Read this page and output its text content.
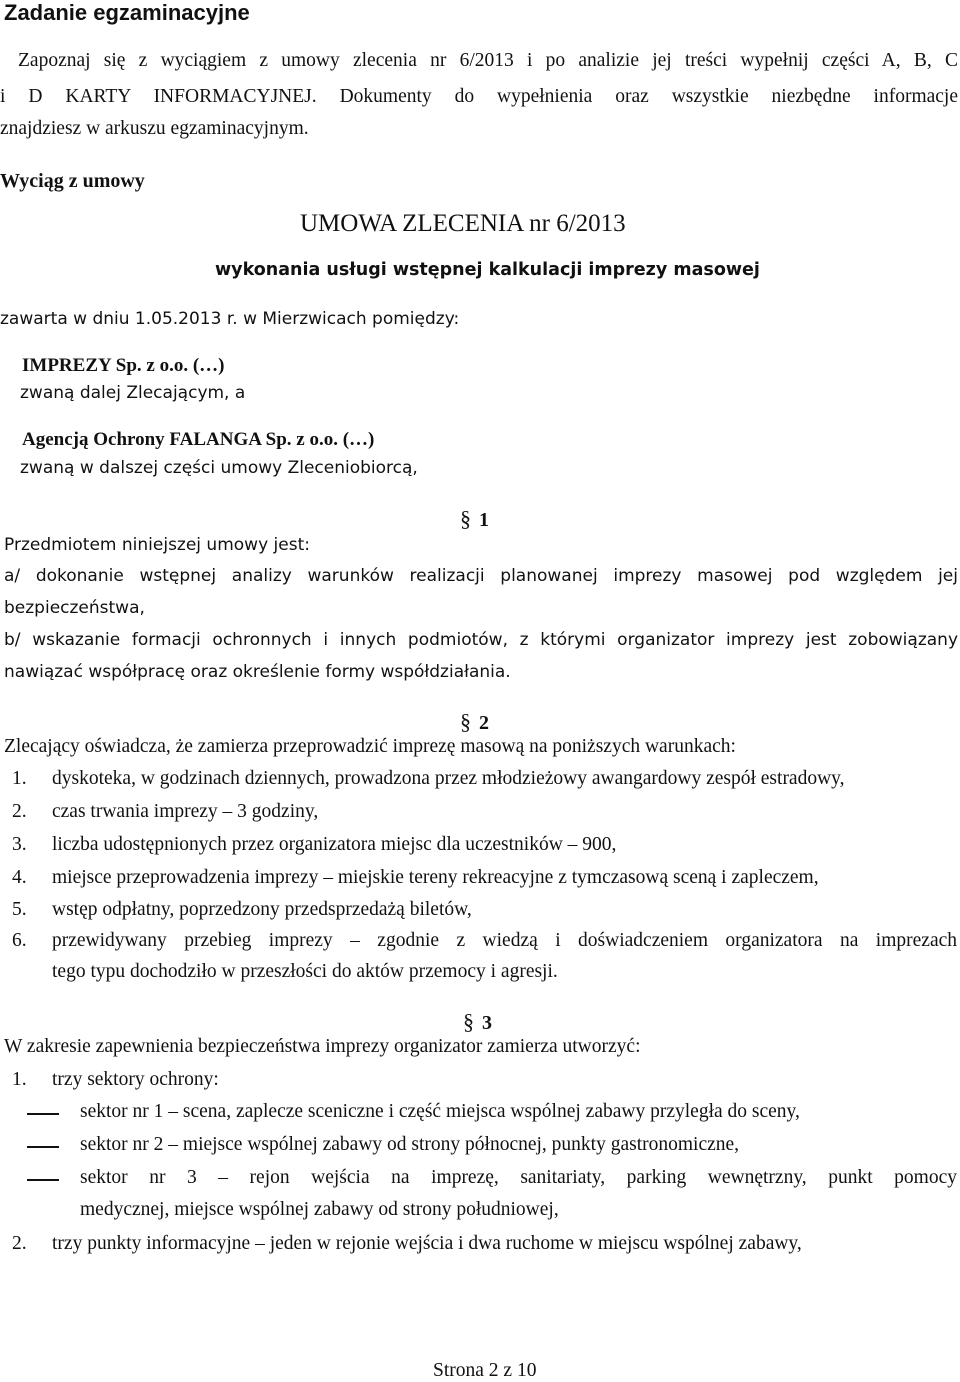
Zadanie egzaminacyjne
Zapoznaj się z wyciągiem z umowy zlecenia nr 6/2013 i po analizie jej treści wypełnij części A, B, C
i D KARTY INFORMACYJNEJ. Dokumenty do wypełnienia oraz wszystkie niezbędne informacje
znajdziesz w arkuszu egzaminacyjnym.
Wyciąg z umowy
UMOWA ZLECENIA nr 6/2013
wykonania usługi wstępnej kalkulacji imprezy masowej
zawarta w dniu 1.05.2013 r. w Mierzwicach pomiędzy:
IMPREZY Sp. z o.o. (…)
zwaną dalej Zlecającym, a
Agencją Ochrony FALANGA Sp. z o.o. (…)
zwaną w dalszej części umowy Zleceniobiorcą,
§ 1
Przedmiotem niniejszej umowy jest:
a/ dokonanie wstępnej analizy warunków realizacji planowanej imprezy masowej pod względem jej
bezpieczeństwa,
b/ wskazanie formacji ochronnych i innych podmiotów, z którymi organizator imprezy jest zobowiązany
nawiązać współpracę oraz określenie formy współdziałania.
§ 2
Zlecający oświadcza, że zamierza przeprowadzić imprezę masową na poniższych warunkach:
1. dyskoteka, w godzinach dziennych, prowadzona przez młodzieżowy awangardowy zespół estradowy,
2. czas trwania imprezy – 3 godziny,
3. liczba udostępnionych przez organizatora miejsc dla uczestników – 900,
4. miejsce przeprowadzenia imprezy – miejskie tereny rekreacyjne z tymczasową sceną i zapleczem,
5. wstęp odpłatny, poprzedzony przedsprzedażą biletów,
6. przewidywany przebieg imprezy – zgodnie z wiedzą i doświadczeniem organizatora na imprezach
tego typu dochodziło w przeszłości do aktów przemocy i agresji.
§ 3
W zakresie zapewnienia bezpieczeństwa imprezy organizator zamierza utworzyć:
1. trzy sektory ochrony:
sektor nr 1 – scena, zaplecze sceniczne i część miejsca wspólnej zabawy przyległa do sceny,
sektor nr 2 – miejsce wspólnej zabawy od strony północnej, punkty gastronomiczne,
sektor nr 3 – rejon wejścia na imprezę, sanitariaty, parking wewnętrzny, punkt pomocy
medycznej, miejsce wspólnej zabawy od strony południowej,
2. trzy punkty informacyjne – jeden w rejonie wejścia i dwa ruchome w miejscu wspólnej zabawy,
Strona 2 z 10
